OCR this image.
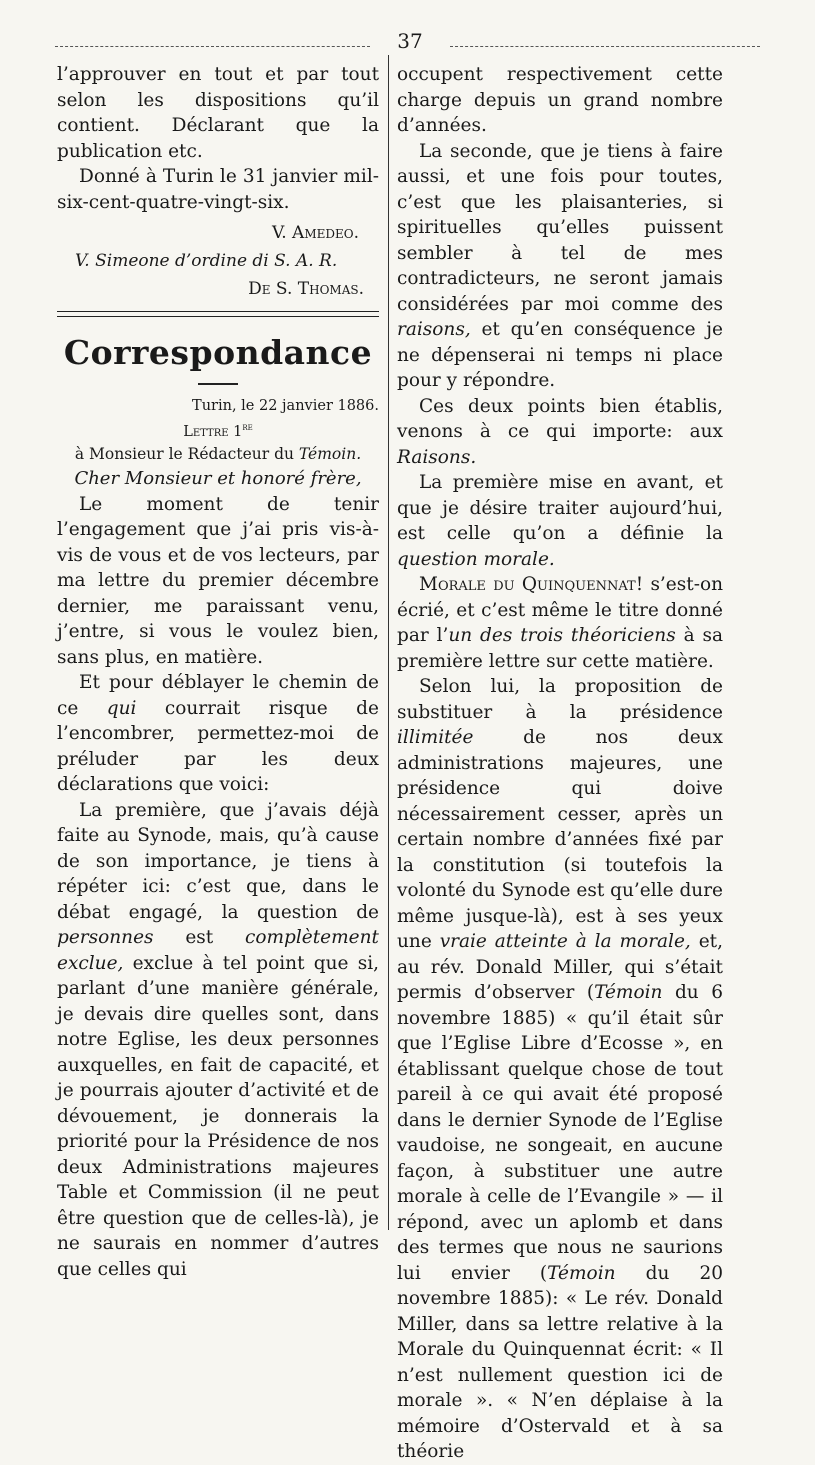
37

l’approuver en tout et par tout selon les dispositions qu’il contient. Déclarant que la publication etc.

Donné à Turin le 31 janvier mil-six-cent-quatre-vingt-six.

V. Amedeo.

V. Simeone d’ordine di S. A. R.

De S. Thomas.

Correspondance

Turin, le 22 janvier 1886.

Lettre 1re

à Monsieur le Rédacteur du Témoin.

Cher Monsieur et honoré frère,

Le moment de tenir l’engagement que j’ai pris vis-à-vis de vous et de vos lecteurs, par ma lettre du premier décembre dernier, me paraissant venu, j’entre, si vous le voulez bien, sans plus, en matière.

Et pour déblayer le chemin de ce qui courrait risque de l’encombrer, permettez-moi de préluder par les deux déclarations que voici:

La première, que j’avais déjà faite au Synode, mais, qu’à cause de son importance, je tiens à répéter ici: c’est que, dans le débat engagé, la question de personnes est complètement exclue, exclue à tel point que si, parlant d’une manière générale, je devais dire quelles sont, dans notre Eglise, les deux personnes auxquelles, en fait de capacité, et je pourrais ajouter d’activité et de dévouement, je donnerais la priorité pour la Présidence de nos deux Administrations majeures Table et Commission (il ne peut être question que de celles-là), je ne saurais en nommer d’autres que celles qui

occupent respectivement cette charge depuis un grand nombre d’années.

La seconde, que je tiens à faire aussi, et une fois pour toutes, c’est que les plaisanteries, si spirituelles qu’elles puissent sembler à tel de mes contradicteurs, ne seront jamais considérées par moi comme des raisons, et qu’en conséquence je ne dépenserai ni temps ni place pour y répondre.

Ces deux points bien établis, venons à ce qui importe: aux Raisons.

La première mise en avant, et que je désire traiter aujourd’hui, est celle qu’on a définie la question morale.

Morale du Quinquennat! s’est-on écrié, et c’est même le titre donné par l’un des trois théoriciens à sa première lettre sur cette matière.

Selon lui, la proposition de substituer à la présidence illimitée	de nos deux administrations majeures, une présidence qui doive nécessairement cesser, après un certain nombre d’années fixé par la constitution (si toutefois la volonté du Synode est qu’elle dure même jusque-là), est à ses yeux une vraie atteinte à la morale, et, au rév. Donald Miller, qui s’était permis d’observer (Témoin du 6 novembre 1885) « qu’il était sûr que l’Eglise Libre d’Ecosse », en établissant quelque chose de tout pareil à ce qui avait été proposé dans le dernier Synode de l’Eglise vaudoise, ne songeait, en aucune façon, à substituer une autre morale à celle de l’Evangile » — il répond, avec un aplomb et dans des termes que nous ne saurions lui envier (Témoin du 20 novembre 1885): « Le rév. Donald Miller, dans sa lettre relative à la Morale du Quinquennat écrit: « Il n’est nullement question ici de morale ». « N’en déplaise à la mémoire d’Ostervald et à sa théorie
